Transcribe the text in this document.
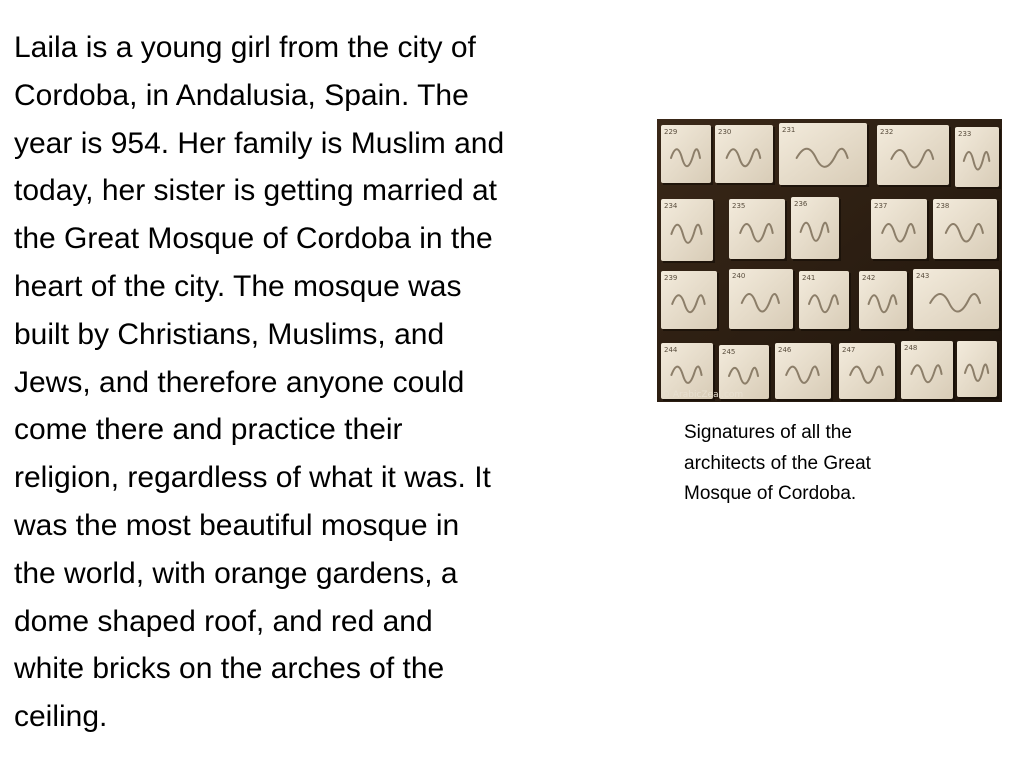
Laila is a young girl from the city of
Cordoba, in Andalusia, Spain. The
year is 954. Her family is Muslim and
today, her sister is getting married at
the Great Mosque of Cordoba in the
heart of the city. The mosque was
built by Christians, Muslims, and
Jews, and therefore anyone could
come there and practice their
religion, regardless of what it was. It
was the most beautiful mosque in
the world, with orange gardens, a
dome shaped roof, and red and
white bricks on the arches of the
ceiling.
229	230	231	232	233
234	235	236	237	238
239	240	241	242	243
244	245	246	247	248
© ArabicZeal.com
Signatures of all the
architects of the Great
Mosque of Cordoba.
